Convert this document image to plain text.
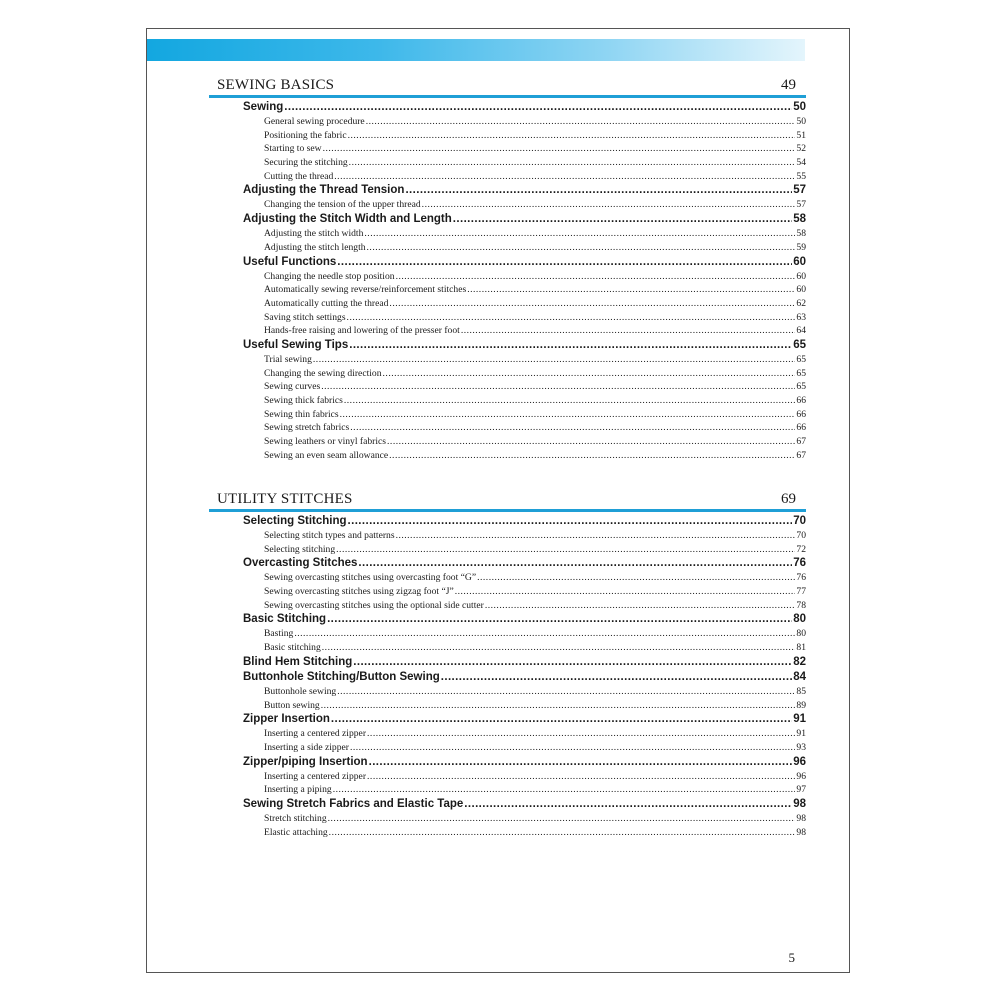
SEWING BASICS	49
Sewing .....	50
General sewing procedure .....	50
Positioning the fabric .....	51
Starting to sew .....	52
Securing the stitching .....	54
Cutting the thread .....	55
Adjusting the Thread Tension .....	57
Changing the tension of the upper thread .....	57
Adjusting the Stitch Width and Length .....	58
Adjusting the stitch width .....	58
Adjusting the stitch length .....	59
Useful Functions .....	60
Changing the needle stop position .....	60
Automatically sewing reverse/reinforcement stitches .....	60
Automatically cutting the thread .....	62
Saving stitch settings .....	63
Hands-free raising and lowering of the presser foot .....	64
Useful Sewing Tips .....	65
Trial sewing .....	65
Changing the sewing direction .....	65
Sewing curves .....	65
Sewing thick fabrics .....	66
Sewing thin fabrics .....	66
Sewing stretch fabrics .....	66
Sewing leathers or vinyl fabrics .....	67
Sewing an even seam allowance .....	67
UTILITY STITCHES	69
Selecting Stitching .....	70
Selecting stitch types and patterns .....	70
Selecting stitching .....	72
Overcasting Stitches .....	76
Sewing overcasting stitches using overcasting foot “G” .....	76
Sewing overcasting stitches using zigzag foot “J” .....	77
Sewing overcasting stitches using the optional side cutter .....	78
Basic Stitching .....	80
Basting .....	80
Basic stitching .....	81
Blind Hem Stitching .....	82
Buttonhole Stitching/Button Sewing .....	84
Buttonhole sewing .....	85
Button sewing .....	89
Zipper Insertion .....	91
Inserting a centered zipper .....	91
Inserting a side zipper .....	93
Zipper/piping Insertion .....	96
Inserting a centered zipper .....	96
Inserting a piping .....	97
Sewing Stretch Fabrics and Elastic Tape .....	98
Stretch stitching .....	98
Elastic attaching .....	98
5
